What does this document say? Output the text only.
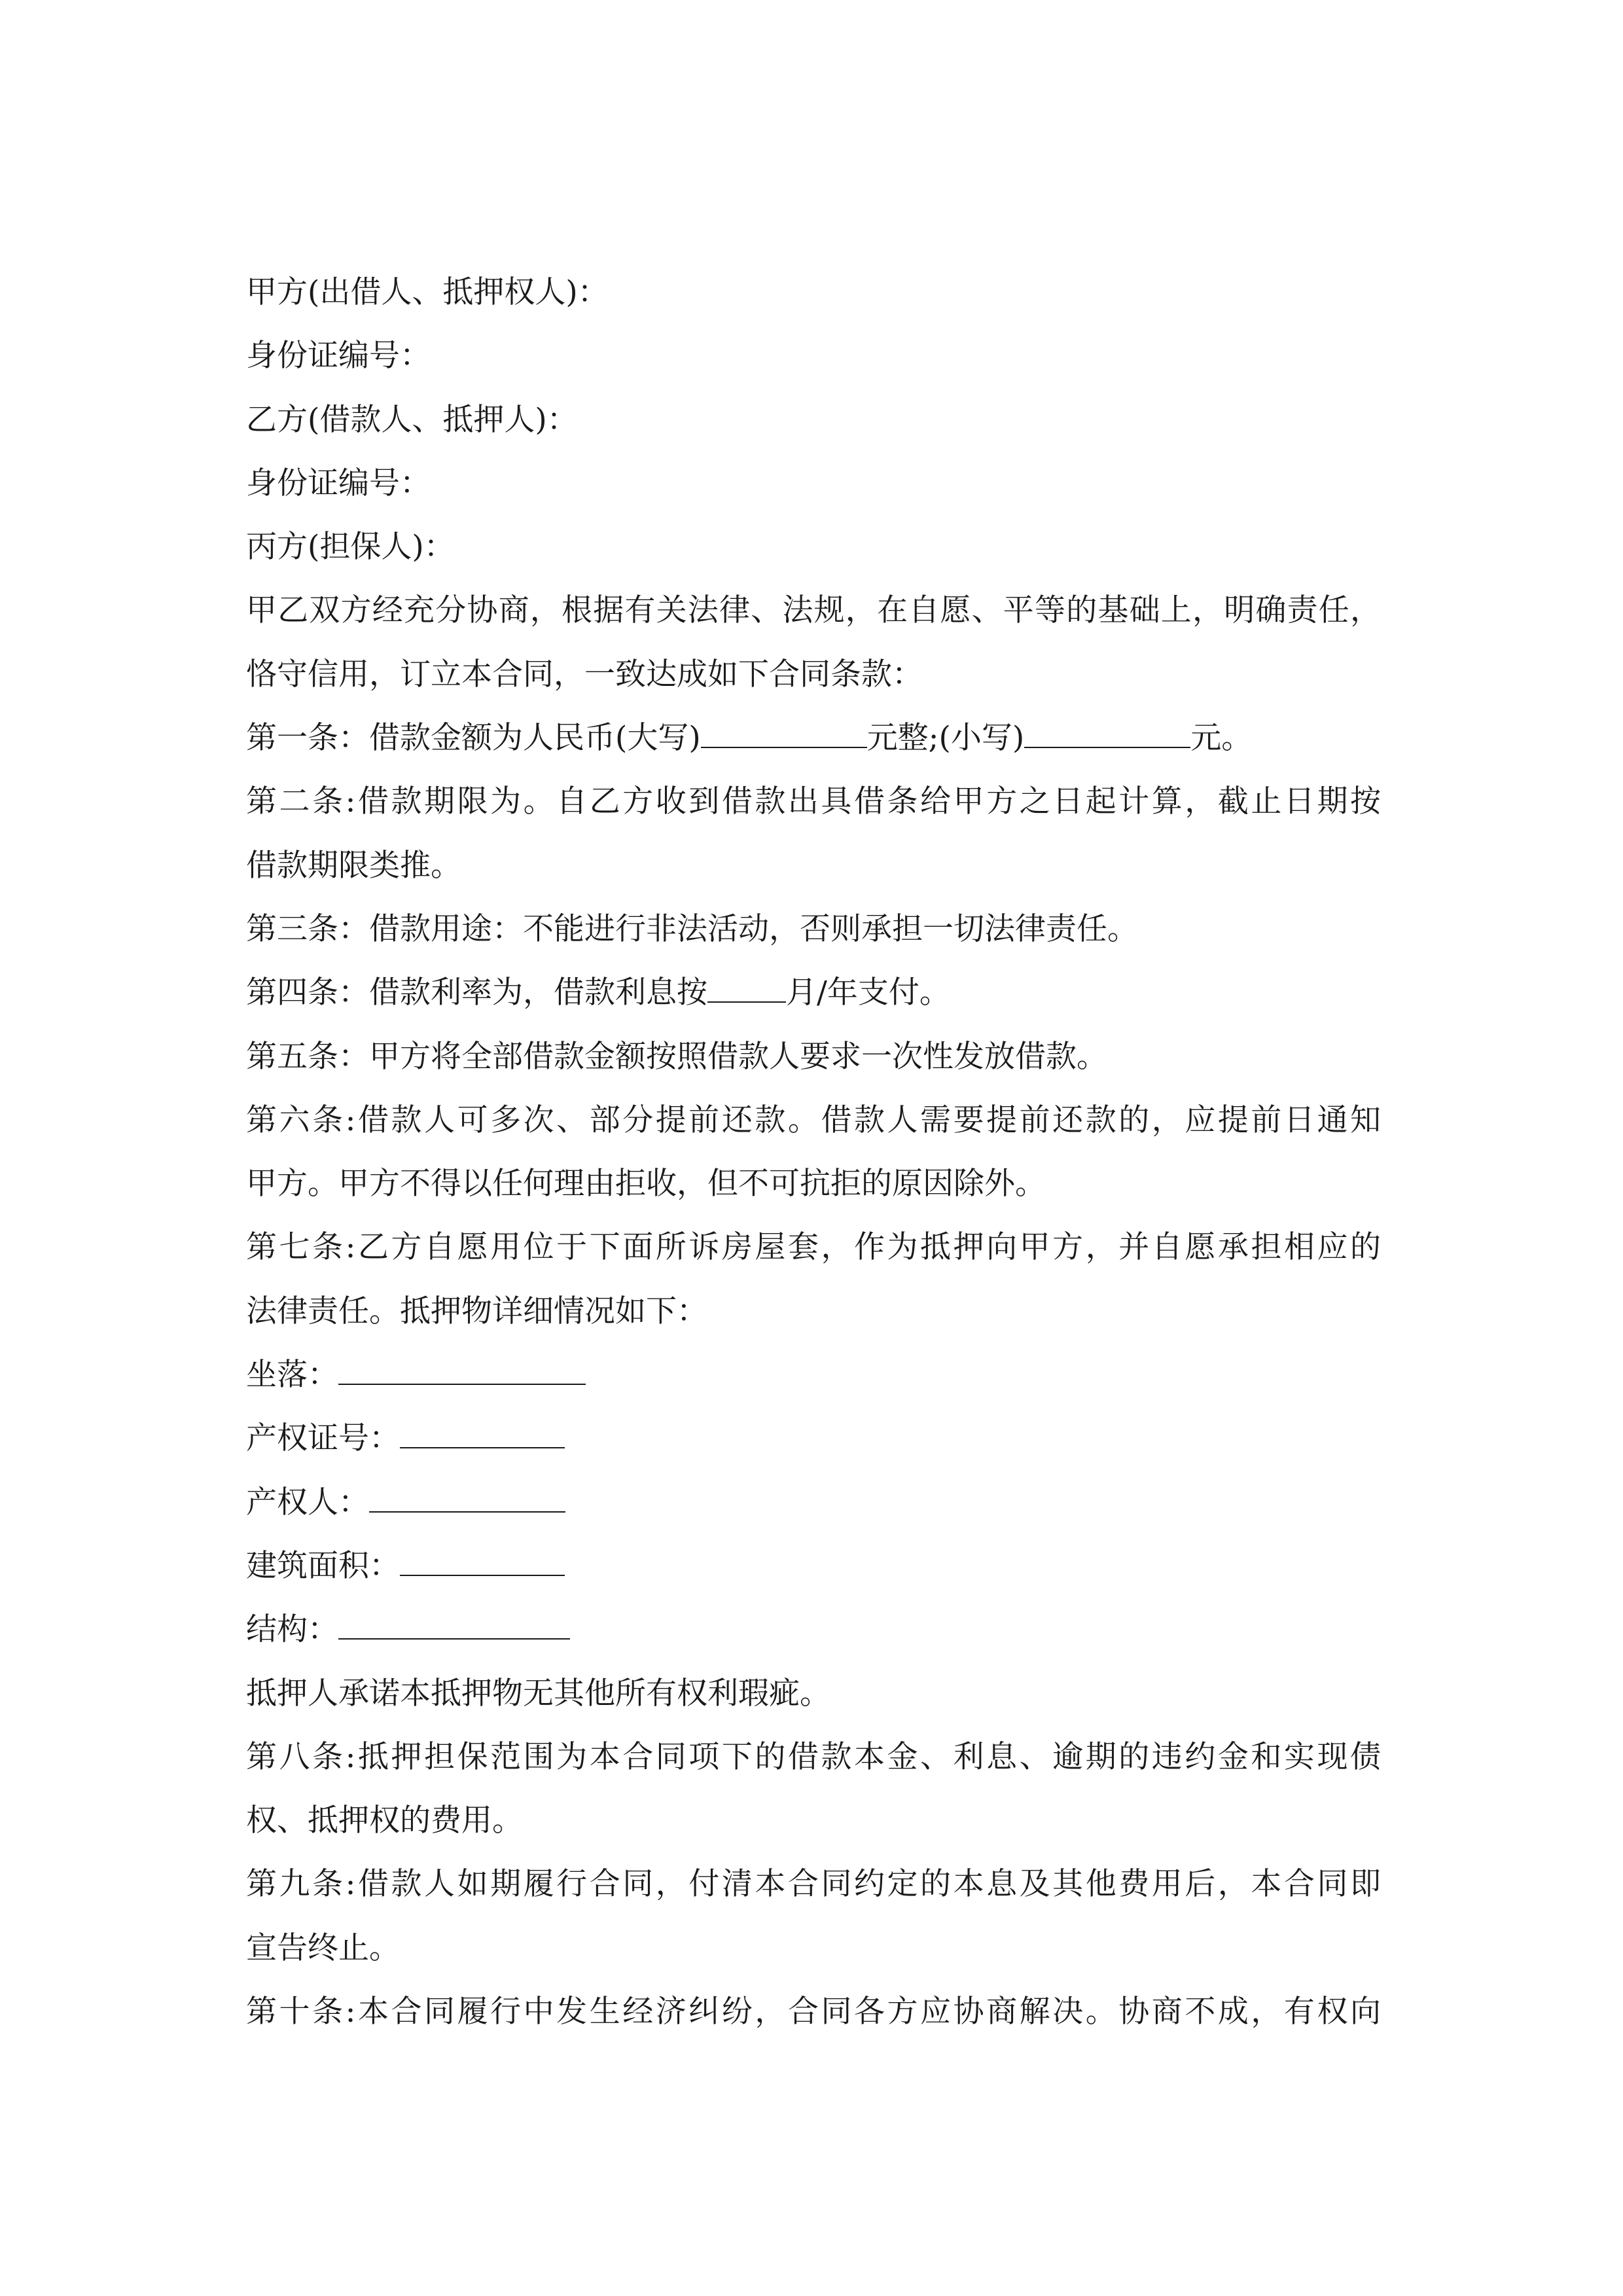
甲方(出借人、抵押权人)：
身份证编号：
乙方(借款人、抵押人)：
身份证编号：
丙方(担保人)：
甲乙双方经充分协商，根据有关法律、法规，在自愿、平等的基础上，明确责任，
恪守信用，订立本合同，一致达成如下合同条款：
第一条：借款金额为人民币(大写)	元整;(小写)	元。
第二条:借款期限为。自乙方收到借款出具借条给甲方之日起计算，截止日期按
借款期限类推。
第三条：借款用途：不能进行非法活动，否则承担一切法律责任。
第四条：借款利率为，借款利息按	月/年支付。
第五条：甲方将全部借款金额按照借款人要求一次性发放借款。
第六条:借款人可多次、部分提前还款。借款人需要提前还款的，应提前日通知
甲方。甲方不得以任何理由拒收，但不可抗拒的原因除外。
第七条:乙方自愿用位于下面所诉房屋套，作为抵押向甲方，并自愿承担相应的
法律责任。抵押物详细情况如下：
坐落：
产权证号：
产权人：
建筑面积：
结构：
抵押人承诺本抵押物无其他所有权利瑕疵。
第八条:抵押担保范围为本合同项下的借款本金、利息、逾期的违约金和实现债
权、抵押权的费用。
第九条:借款人如期履行合同，付清本合同约定的本息及其他费用后，本合同即
宣告终止。
第十条:本合同履行中发生经济纠纷，合同各方应协商解决。协商不成，有权向
